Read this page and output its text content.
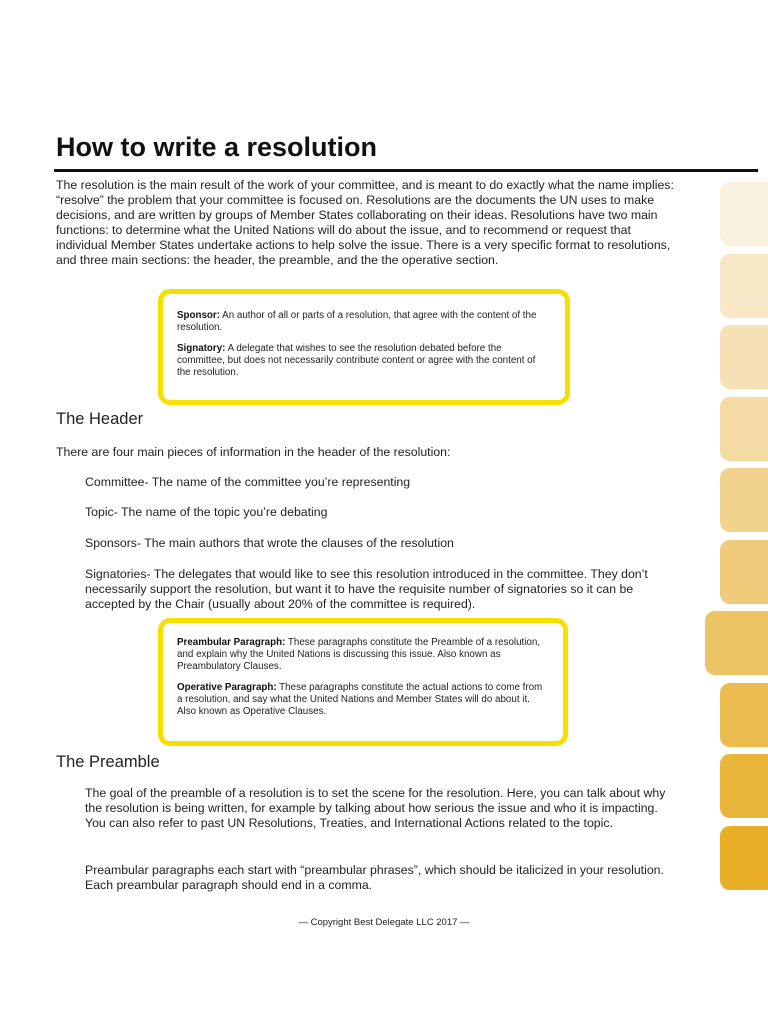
How to write a resolution

The resolution is the main result of the work of your committee, and is meant to do exactly what the name implies: “resolve” the problem that your committee is focused on. Resolutions are the documents the UN uses to make decisions, and are written by groups of Member States collaborating on their ideas. Resolutions have two main functions: to determine what the United Nations will do about the issue, and to recommend or request that individual Member States undertake actions to help solve the issue. There is a very specific format to resolutions, and three main sections: the header, the preamble, and the the operative section.

Sponsor: An author of all or parts of a resolution, that agree with the content of the resolution.

Signatory: A delegate that wishes to see the resolution debated before the committee, but does not necessarily contribute content or agree with the content of the resolution.

The Header

There are four main pieces of information in the header of the resolution:

Committee- The name of the committee you’re representing

Topic- The name of the topic you’re debating

Sponsors- The main authors that wrote the clauses of the resolution

Signatories- The delegates that would like to see this resolution introduced in the committee. They don’t necessarily support the resolution, but want it to have the requisite number of signatories so it can be accepted by the Chair (usually about 20% of the committee is required).

Preambular Paragraph: These paragraphs constitute the Preamble of a resolution, and explain why the United Nations is discussing this issue. Also known as Preambulatory Clauses.

Operative Paragraph: These paragraphs constitute the actual actions to come from a resolution, and say what the United Nations and Member States will do about it. Also known as Operative Clauses.

The Preamble

The goal of the preamble of a resolution is to set the scene for the resolution. Here, you can talk about why the resolution is being written, for example by talking about how serious the issue and who it is impacting. You can also refer to past UN Resolutions, Treaties, and International Actions related to the topic.

Preambular paragraphs each start with “preambular phrases”, which should be italicized in your resolution. Each preambular paragraph should end in a comma.

— Copyright Best Delegate LLC 2017 —
